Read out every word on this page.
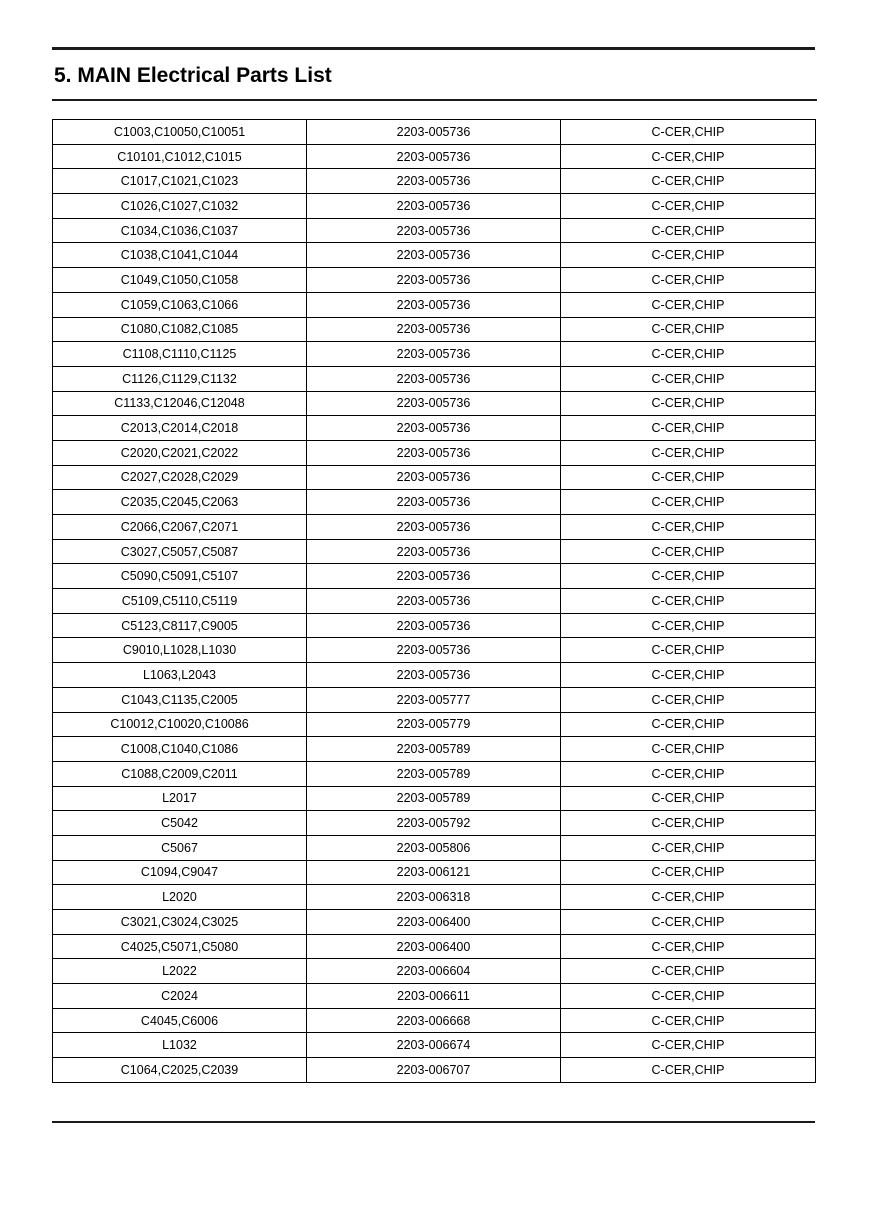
5. MAIN Electrical Parts List
C1003,C10050,C10051	2203-005736	C-CER,CHIP
C10101,C1012,C1015	2203-005736	C-CER,CHIP
C1017,C1021,C1023	2203-005736	C-CER,CHIP
C1026,C1027,C1032	2203-005736	C-CER,CHIP
C1034,C1036,C1037	2203-005736	C-CER,CHIP
C1038,C1041,C1044	2203-005736	C-CER,CHIP
C1049,C1050,C1058	2203-005736	C-CER,CHIP
C1059,C1063,C1066	2203-005736	C-CER,CHIP
C1080,C1082,C1085	2203-005736	C-CER,CHIP
C1108,C1110,C1125	2203-005736	C-CER,CHIP
C1126,C1129,C1132	2203-005736	C-CER,CHIP
C1133,C12046,C12048	2203-005736	C-CER,CHIP
C2013,C2014,C2018	2203-005736	C-CER,CHIP
C2020,C2021,C2022	2203-005736	C-CER,CHIP
C2027,C2028,C2029	2203-005736	C-CER,CHIP
C2035,C2045,C2063	2203-005736	C-CER,CHIP
C2066,C2067,C2071	2203-005736	C-CER,CHIP
C3027,C5057,C5087	2203-005736	C-CER,CHIP
C5090,C5091,C5107	2203-005736	C-CER,CHIP
C5109,C5110,C5119	2203-005736	C-CER,CHIP
C5123,C8117,C9005	2203-005736	C-CER,CHIP
C9010,L1028,L1030	2203-005736	C-CER,CHIP
L1063,L2043	2203-005736	C-CER,CHIP
C1043,C1135,C2005	2203-005777	C-CER,CHIP
C10012,C10020,C10086	2203-005779	C-CER,CHIP
C1008,C1040,C1086	2203-005789	C-CER,CHIP
C1088,C2009,C2011	2203-005789	C-CER,CHIP
L2017	2203-005789	C-CER,CHIP
C5042	2203-005792	C-CER,CHIP
C5067	2203-005806	C-CER,CHIP
C1094,C9047	2203-006121	C-CER,CHIP
L2020	2203-006318	C-CER,CHIP
C3021,C3024,C3025	2203-006400	C-CER,CHIP
C4025,C5071,C5080	2203-006400	C-CER,CHIP
L2022	2203-006604	C-CER,CHIP
C2024	2203-006611	C-CER,CHIP
C4045,C6006	2203-006668	C-CER,CHIP
L1032	2203-006674	C-CER,CHIP
C1064,C2025,C2039	2203-006707	C-CER,CHIP
